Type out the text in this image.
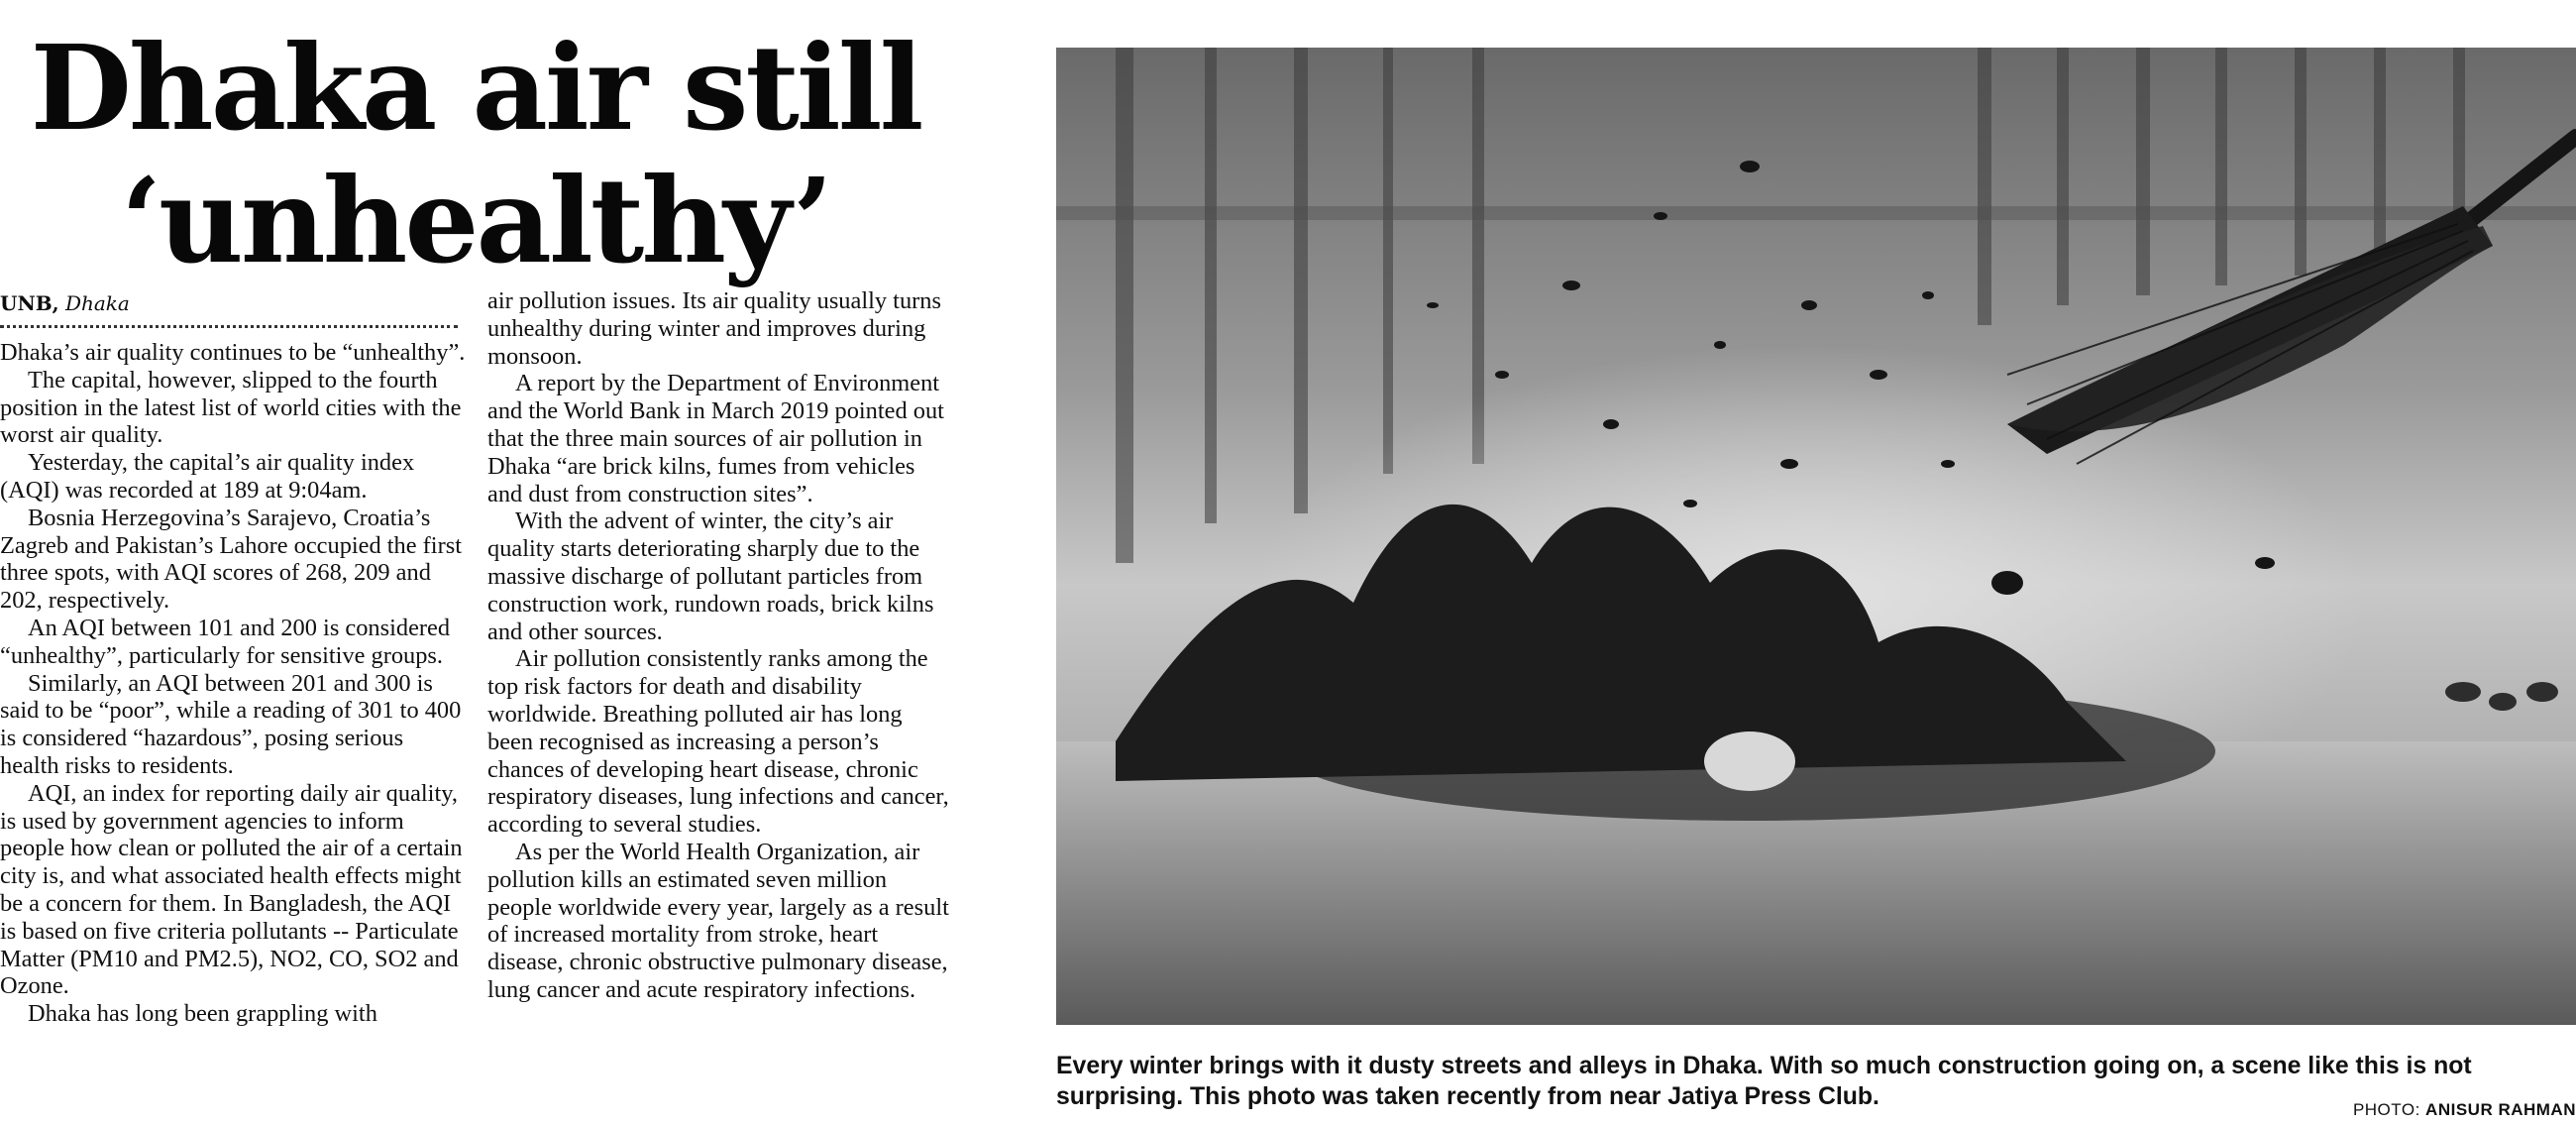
Dhaka air still
‘unhealthy’
UNB, Dhaka

Dhaka’s air quality continues to be “unhealthy”.

The capital, however, slipped to the fourth position in the latest list of world cities with the worst air quality.

Yesterday, the capital’s air quality index (AQI) was recorded at 189 at 9:04am.

Bosnia Herzegovina’s Sarajevo, Croatia’s Zagreb and Pakistan’s Lahore occupied the first three spots, with AQI scores of 268, 209 and 202, respectively.

An AQI between 101 and 200 is considered “unhealthy”, particularly for sensitive groups.

Similarly, an AQI between 201 and 300 is said to be “poor”, while a reading of 301 to 400 is considered “hazardous”, posing serious health risks to residents.

AQI, an index for reporting daily air quality, is used by government agencies to inform people how clean or polluted the air of a certain city is, and what associated health effects might be a concern for them. In Bangladesh, the AQI is based on five criteria pollutants -- Particulate Matter (PM10 and PM2.5), NO2, CO, SO2 and Ozone.

Dhaka has long been grappling with

air pollution issues. Its air quality usually turns unhealthy during winter and improves during monsoon.

A report by the Department of Environment and the World Bank in March 2019 pointed out that the three main sources of air pollution in Dhaka “are brick kilns, fumes from vehicles and dust from construction sites”.

With the advent of winter, the city’s air quality starts deteriorating sharply due to the massive discharge of pollutant particles from construction work, rundown roads, brick kilns and other sources.

Air pollution consistently ranks among the top risk factors for death and disability worldwide. Breathing polluted air has long been recognised as increasing a person’s chances of developing heart disease, chronic respiratory diseases, lung infections and cancer, according to several studies.

As per the World Health Organization, air pollution kills an estimated seven million people worldwide every year, largely as a result of increased mortality from stroke, heart disease, chronic obstructive pulmonary disease, lung cancer and acute respiratory infections.

Every winter brings with it dusty streets and alleys in Dhaka. With so much construction going on, a scene like this is not surprising. This photo was taken recently from near Jatiya Press Club.	PHOTO: ANISUR RAHMAN
